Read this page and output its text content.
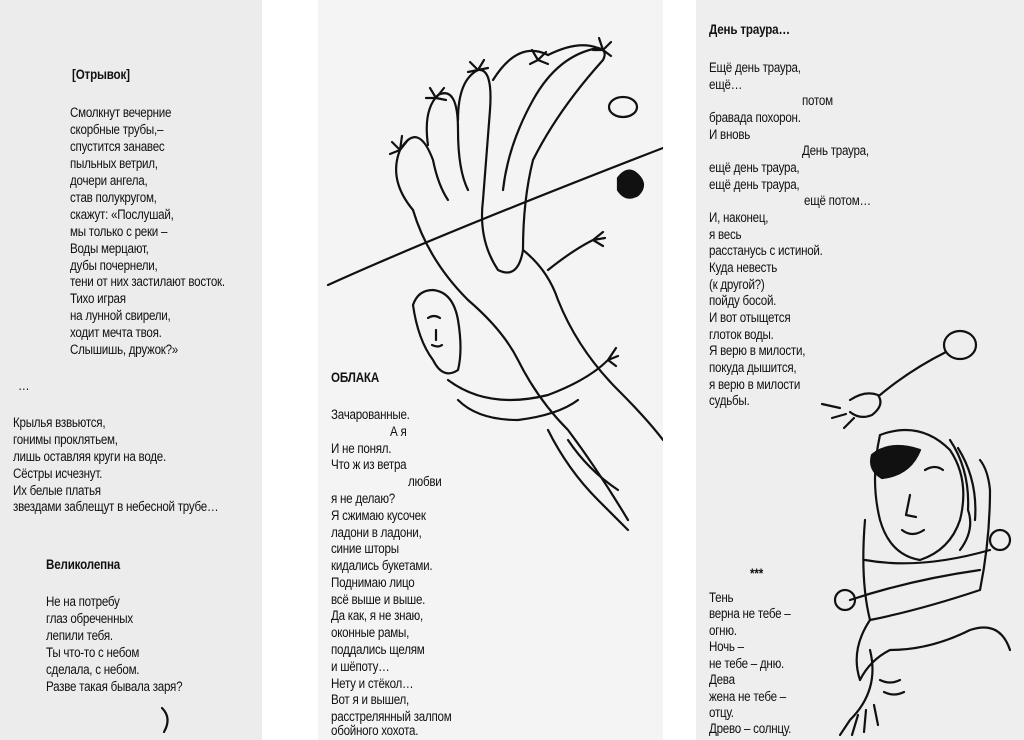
[Отрывок]
Смолкнут вечерние
скорбные трубы,–
спустится занавес
пыльных ветрил,
дочери ангела,
став полукругом,
скажут: «Послушай,
мы только с реки –
Воды мерцают,
дубы почернели,
тени от них застилают восток.
Тихо играя
на лунной свирели,
ходит мечта твоя.
Слышишь, дружок?»
…
Крылья взвьются,
гонимы проклятьем,
лишь оставляя круги на воде.
Сёстры исчезнут.
Их белые платья
звездами заблещут в небесной трубе…
Великолепна
Не на потребу
глаз обреченных
лепили тебя.
Ты что-то с небом
сделала, с небом.
Разве такая бывала заря?
ОБЛАКА
Зачарованные.
А я
И не понял.
Что ж из ветра
любви
я не делаю?
Я сжимаю кусочек
ладони в ладони,
синие шторы
кидались букетами.
Поднимаю лицо
всё выше и выше.
Да как, я не знаю,
оконные рамы,
поддались щелям
и шёпоту…
Нету и стёкол…
Вот я и вышел,
расстрелянный залпом
обойного хохота.
День траура…
Ещё день траура,
ещё…
потом
бравада похорон.
И вновь
День траура,
ещё день траура,
ещё день траура,
ещё потом…
И, наконец,
я весь
расстанусь с истиной.
Куда невесть
(к другой?)
пойду босой.
И вот отыщется
глоток воды.
Я верю в милости,
покуда дышится,
я верю в милости
судьбы.
***
Тень
верна не тебе –
огню.
Ночь –
не тебе – дню.
Дева
жена не тебе –
отцу.
Древо – солнцу.
